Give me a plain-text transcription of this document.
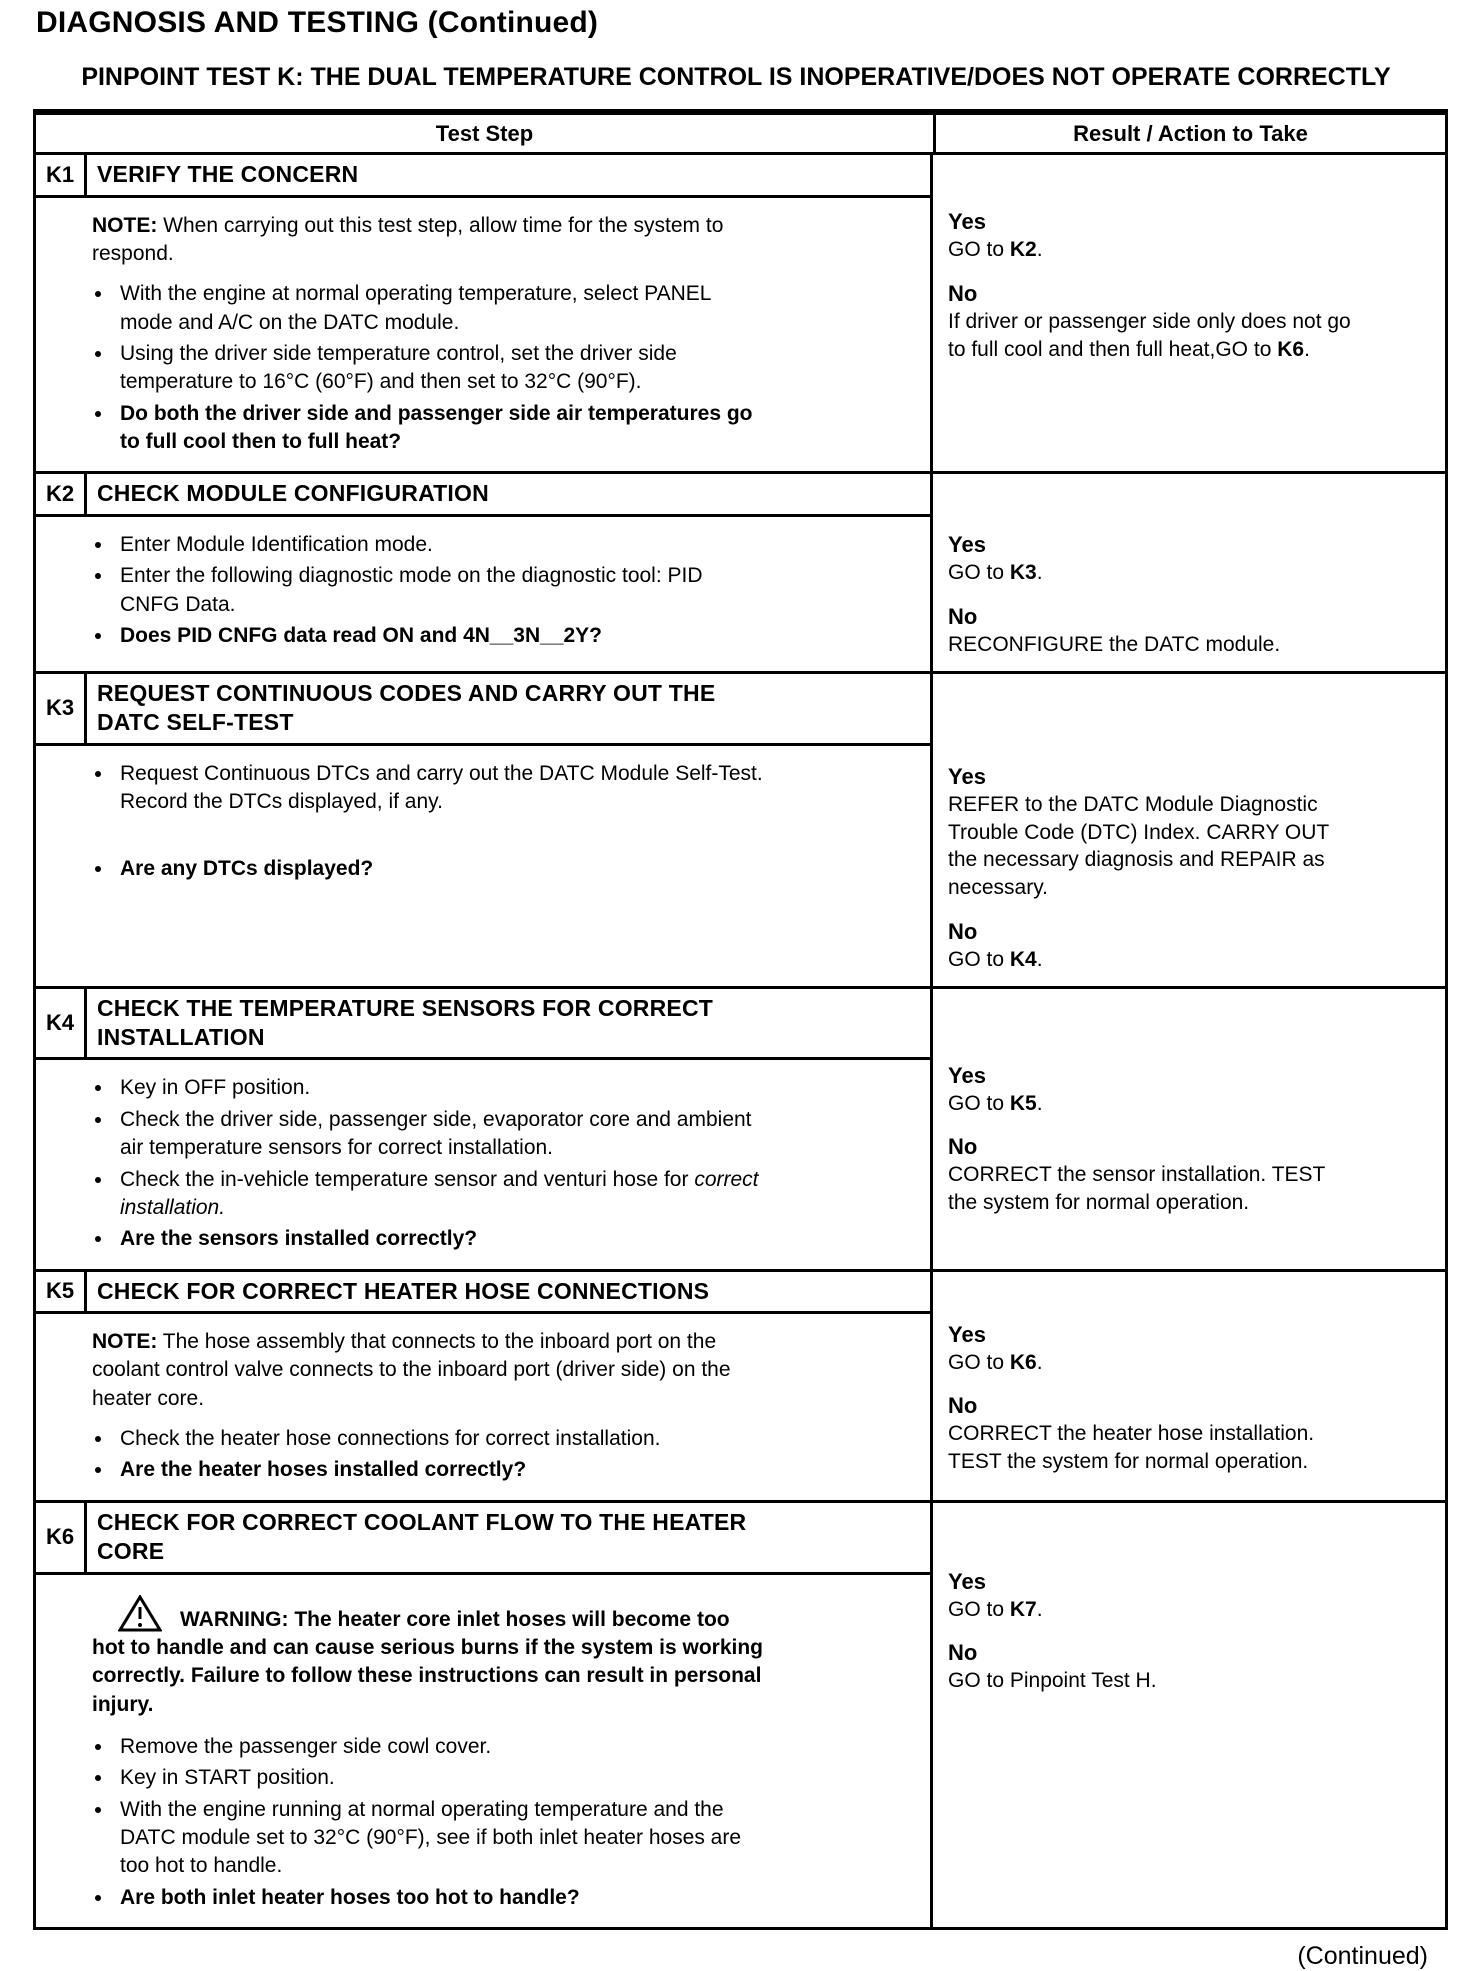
DIAGNOSIS AND TESTING (Continued)
PINPOINT TEST K: THE DUAL TEMPERATURE CONTROL IS INOPERATIVE/DOES NOT OPERATE CORRECTLY
Test Step	Result / Action to Take
K1 VERIFY THE CONCERN

NOTE: When carrying out this test step, allow time for the system to respond.

• With the engine at normal operating temperature, select PANEL mode and A/C on the DATC module.
• Using the driver side temperature control, set the driver side temperature to 16°C (60°F) and then set to 32°C (90°F).
• Do both the driver side and passenger side air temperatures go to full cool then to full heat?
Yes
GO to K2.
No
If driver or passenger side only does not go to full cool and then full heat,GO to K6.
K2 CHECK MODULE CONFIGURATION
• Enter Module Identification mode.
• Enter the following diagnostic mode on the diagnostic tool: PID CNFG Data.
• Does PID CNFG data read ON and 4N__3N__2Y?
Yes
GO to K3.
No
RECONFIGURE the DATC module.
K3
REQUEST CONTINUOUS CODES AND CARRY OUT THE DATC SELF-TEST
• Request Continuous DTCs and carry out the DATC Module Self-Test. Record the DTCs displayed, if any.
• Are any DTCs displayed?
Yes
REFER to the DATC Module Diagnostic Trouble Code (DTC) Index. CARRY OUT the necessary diagnosis and REPAIR as necessary.
No
GO to K4.
K4
CHECK THE TEMPERATURE SENSORS FOR CORRECT INSTALLATION
• Key in OFF position.
• Check the driver side, passenger side, evaporator core and ambient air temperature sensors for correct installation.
• Check the in-vehicle temperature sensor and venturi hose for correct installation.
• Are the sensors installed correctly?
Yes
GO to K5.
No
CORRECT the sensor installation. TEST the system for normal operation.
K5 CHECK FOR CORRECT HEATER HOSE CONNECTIONS

NOTE: The hose assembly that connects to the inboard port on the coolant control valve connects to the inboard port (driver side) on the heater core.

• Check the heater hose connections for correct installation.
• Are the heater hoses installed correctly?
Yes
GO to K6.
No
CORRECT the heater hose installation. TEST the system for normal operation.
K6
CHECK FOR CORRECT COOLANT FLOW TO THE HEATER CORE

WARNING: The heater core inlet hoses will become too hot to handle and can cause serious burns if the system is working correctly. Failure to follow these instructions can result in personal injury.

• Remove the passenger side cowl cover.
• Key in START position.
• With the engine running at normal operating temperature and the DATC module set to 32°C (90°F), see if both inlet heater hoses are too hot to handle.
• Are both inlet heater hoses too hot to handle?
Yes
GO to K7.
No
GO to Pinpoint Test H.
(Continued)
